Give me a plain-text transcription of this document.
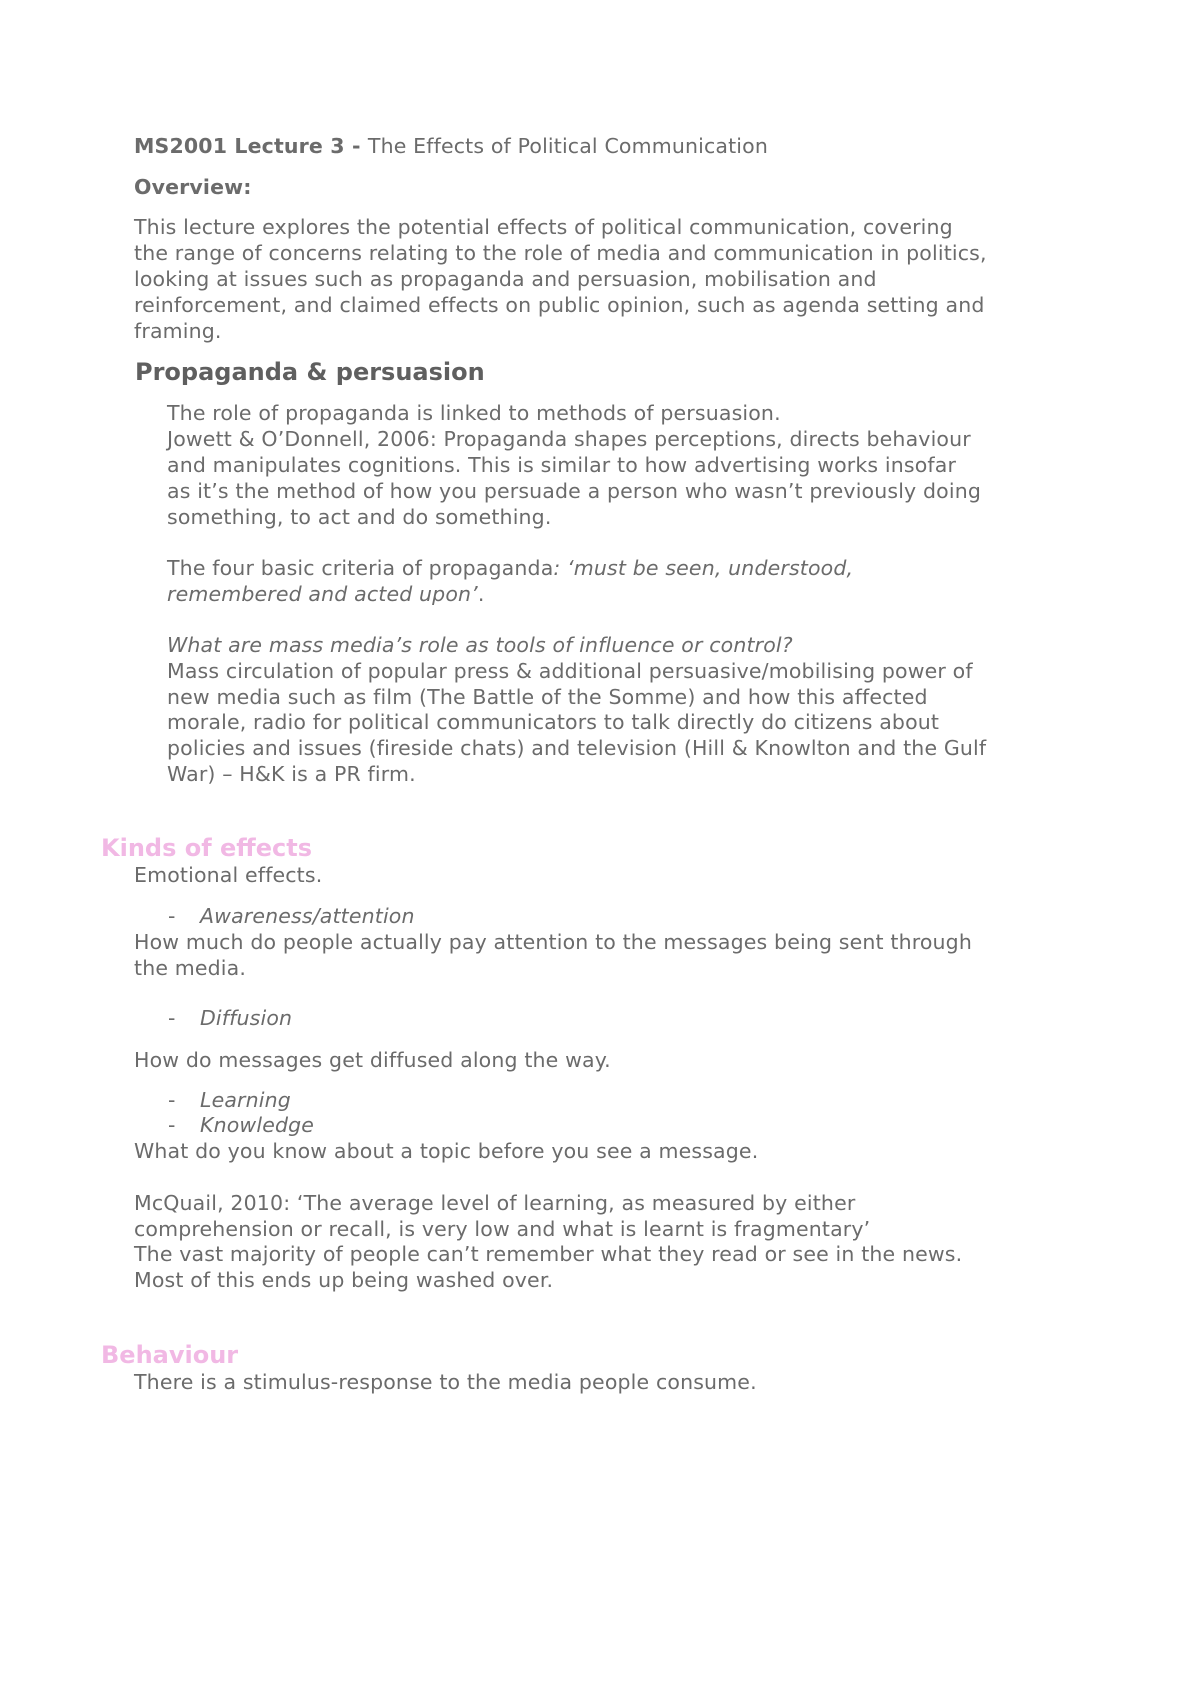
MS2001 Lecture 3 - The Effects of Political Communication
Overview:
This lecture explores the potential effects of political communication, covering
the range of concerns relating to the role of media and communication in politics,
looking at issues such as propaganda and persuasion, mobilisation and
reinforcement, and claimed effects on public opinion, such as agenda setting and
framing.
Propaganda & persuasion
The role of propaganda is linked to methods of persuasion.
Jowett & O’Donnell, 2006: Propaganda shapes perceptions, directs behaviour
and manipulates cognitions. This is similar to how advertising works insofar
as it’s the method of how you persuade a person who wasn’t previously doing
something, to act and do something.
The four basic criteria of propaganda: ‘must be seen, understood,
remembered and acted upon’.
What are mass media’s role as tools of influence or control?
Mass circulation of popular press & additional persuasive/mobilising power of
new media such as film (The Battle of the Somme) and how this affected
morale, radio for political communicators to talk directly do citizens about
policies and issues (fireside chats) and television (Hill & Knowlton and the Gulf
War) – H&K is a PR firm.
Kinds of effects
Emotional effects.
- Awareness/attention
How much do people actually pay attention to the messages being sent through
the media.
- Diffusion
How do messages get diffused along the way.
- Learning
- Knowledge
What do you know about a topic before you see a message.
McQuail, 2010: ‘The average level of learning, as measured by either
comprehension or recall, is very low and what is learnt is fragmentary’
The vast majority of people can’t remember what they read or see in the news.
Most of this ends up being washed over.
Behaviour
There is a stimulus-response to the media people consume.
